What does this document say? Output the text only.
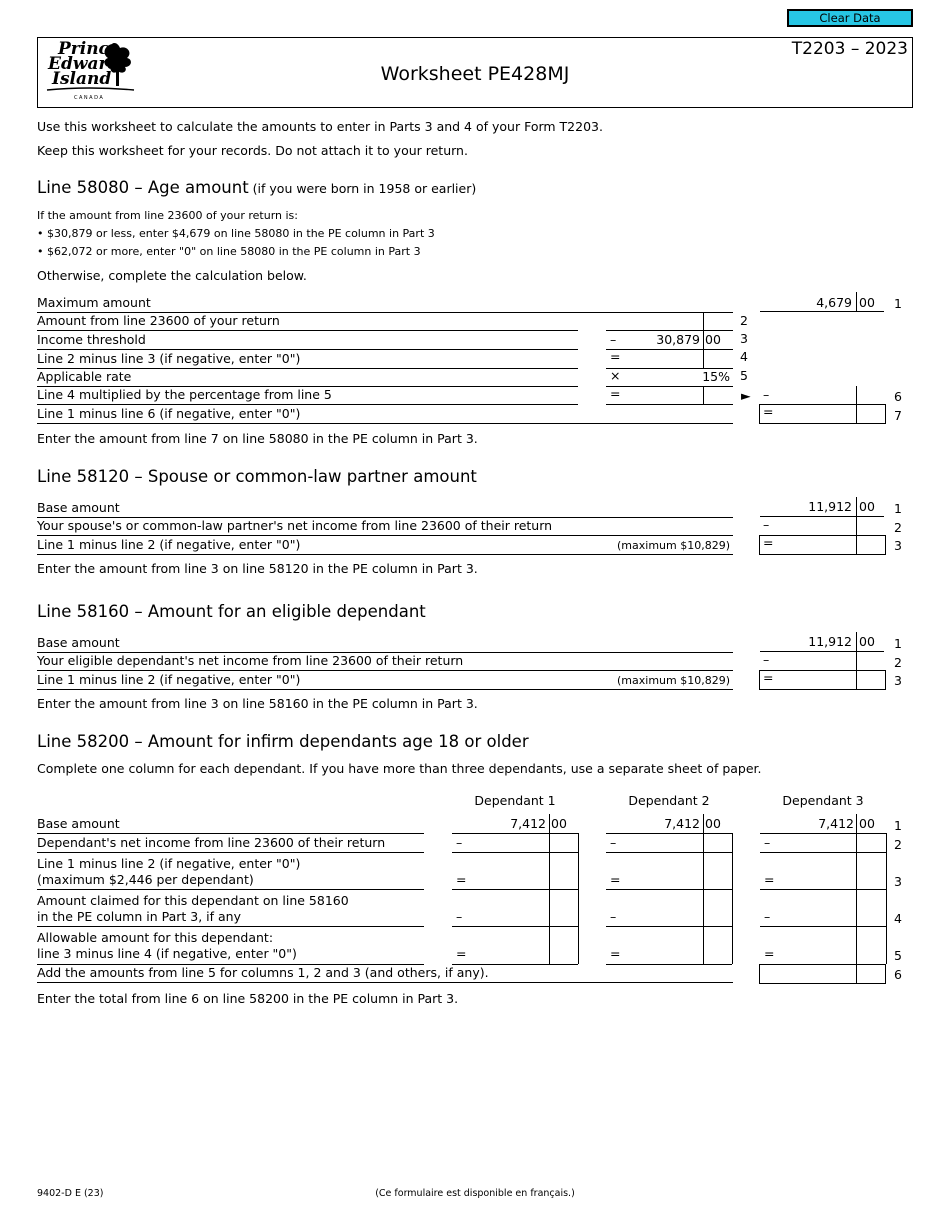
Clear Data
Prince
Edward
Island
CANADA
Worksheet PE428MJ
T2203 – 2023
Use this worksheet to calculate the amounts to enter in Parts 3 and 4 of your Form T2203.
Keep this worksheet for your records. Do not attach it to your return.
Line 58080 – Age amount (if you were born in 1958 or earlier)
If the amount from line 23600 of your return is:
• $30,879 or less, enter $4,679 on line 58080 in the PE column in Part 3
• $62,072 or more, enter "0" on line 58080 in the PE column in Part 3
Otherwise, complete the calculation below.
Maximum amount	4,679 00 1
Amount from line 23600 of your return	2
Income threshold	–	30,879 00 3
Line 2 minus line 3 (if negative, enter "0")	=	4
Applicable rate	×	15% 5
Line 4 multiplied by the percentage from line 5	=	► –	6
Line 1 minus line 6 (if negative, enter "0")	=	7
Enter the amount from line 7 on line 58080 in the PE column in Part 3.
Line 58120 – Spouse or common-law partner amount
Base amount	11,912 00 1
Your spouse's or common-law partner's net income from line 23600 of their return	–	2
Line 1 minus line 2 (if negative, enter "0")	(maximum $10,829)	=	3
Enter the amount from line 3 on line 58120 in the PE column in Part 3.
Line 58160 – Amount for an eligible dependant
Base amount	11,912 00 1
Your eligible dependant's net income from line 23600 of their return	–	2
Line 1 minus line 2 (if negative, enter "0")	(maximum $10,829)	=	3
Enter the amount from line 3 on line 58160 in the PE column in Part 3.
Line 58200 – Amount for infirm dependants age 18 or older
Complete one column for each dependant. If you have more than three dependants, use a separate sheet of paper.
Dependant 1	Dependant 2	Dependant 3
Base amount	7,412 00	7,412 00	7,412 00 1
Dependant's net income from line 23600 of their return	–	–	–	2
Line 1 minus line 2 (if negative, enter "0")
(maximum $2,446 per dependant)	=	=	=	3
Amount claimed for this dependant on line 58160
in the PE column in Part 3, if any	–	–	–	4
Allowable amount for this dependant:
line 3 minus line 4 (if negative, enter "0")	=	=	=	5
Add the amounts from line 5 for columns 1, 2 and 3 (and others, if any).	6
Enter the total from line 6 on line 58200 in the PE column in Part 3.
9402-D E (23)	(Ce formulaire est disponible en français.)
